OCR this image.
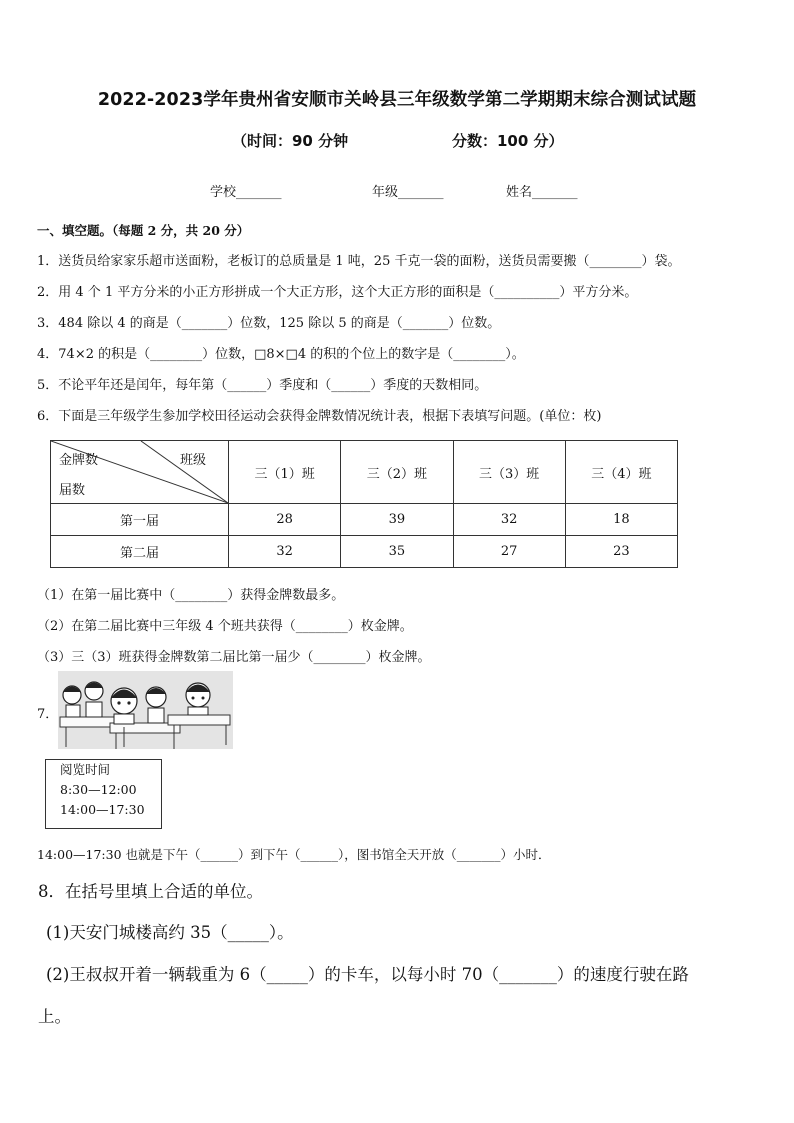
2022-2023学年贵州省安顺市关岭县三年级数学第二学期期末综合测试试题
（时间：90 分钟	分数：100 分）
学校_______	年级_______	姓名_______
一、填空题。（每题 2 分，共 20 分）
1．送货员给家家乐超市送面粉，老板订的总质量是 1 吨，25 千克一袋的面粉，送货员需要搬（________）袋。
2．用 4 个 1 平方分米的小正方形拼成一个大正方形，这个大正方形的面积是（__________）平方分米。
3．484 除以 4 的商是（_______）位数，125 除以 5 的商是（_______）位数。
4．74×2 的积是（________）位数，□8×□4 的积的个位上的数字是（________）。
5．不论平年还是闰年，每年第（______）季度和（______）季度的天数相同。
6．下面是三年级学生参加学校田径运动会获得金牌数情况统计表，根据下表填写问题。(单位：枚)
金牌数 班级
届数	三（1）班	三（2）班	三（3）班	三（4）班
第一届	28	39	32	18
第二届	32	35	27	23
（1）在第一届比赛中（________）获得金牌数最多。
（2）在第二届比赛中三年级 4 个班共获得（________）枚金牌。
（3）三（3）班获得金牌数第二届比第一届少（________）枚金牌。
7．
阅览时间
8:30—12:00
14:00—17:30
14:00—17:30 也就是下午（______）到下午（______），图书馆全天开放（_______）小时．
8．在括号里填上合适的单位。
(1)天安门城楼高约 35（_____）。
(2)王叔叔开着一辆载重为 6（_____）的卡车，以每小时 70（_______）的速度行驶在路
上。
